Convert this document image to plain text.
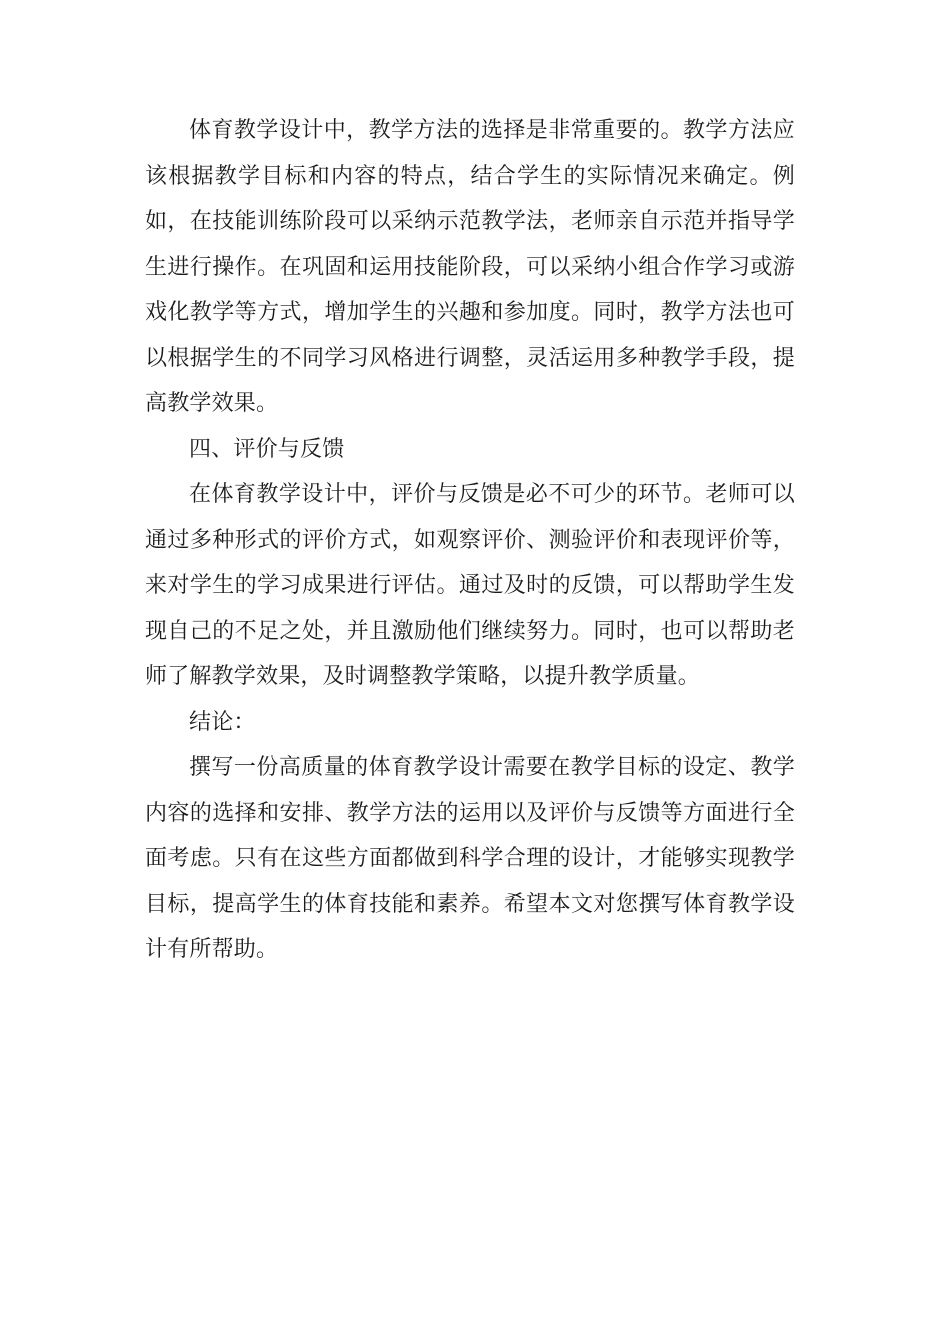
体育教学设计中，教学方法的选择是非常重要的。教学方法应该根据教学目标和内容的特点，结合学生的实际情况来确定。例如，在技能训练阶段可以采纳示范教学法，老师亲自示范并指导学生进行操作。在巩固和运用技能阶段，可以采纳小组合作学习或游戏化教学等方式，增加学生的兴趣和参加度。同时，教学方法也可以根据学生的不同学习风格进行调整，灵活运用多种教学手段，提高教学效果。

四、评价与反馈

在体育教学设计中，评价与反馈是必不可少的环节。老师可以通过多种形式的评价方式，如观察评价、测验评价和表现评价等，来对学生的学习成果进行评估。通过及时的反馈，可以帮助学生发现自己的不足之处，并且激励他们继续努力。同时，也可以帮助老师了解教学效果，及时调整教学策略，以提升教学质量。

结论：

撰写一份高质量的体育教学设计需要在教学目标的设定、教学内容的选择和安排、教学方法的运用以及评价与反馈等方面进行全面考虑。只有在这些方面都做到科学合理的设计，才能够实现教学目标，提高学生的体育技能和素养。希望本文对您撰写体育教学设计有所帮助。
